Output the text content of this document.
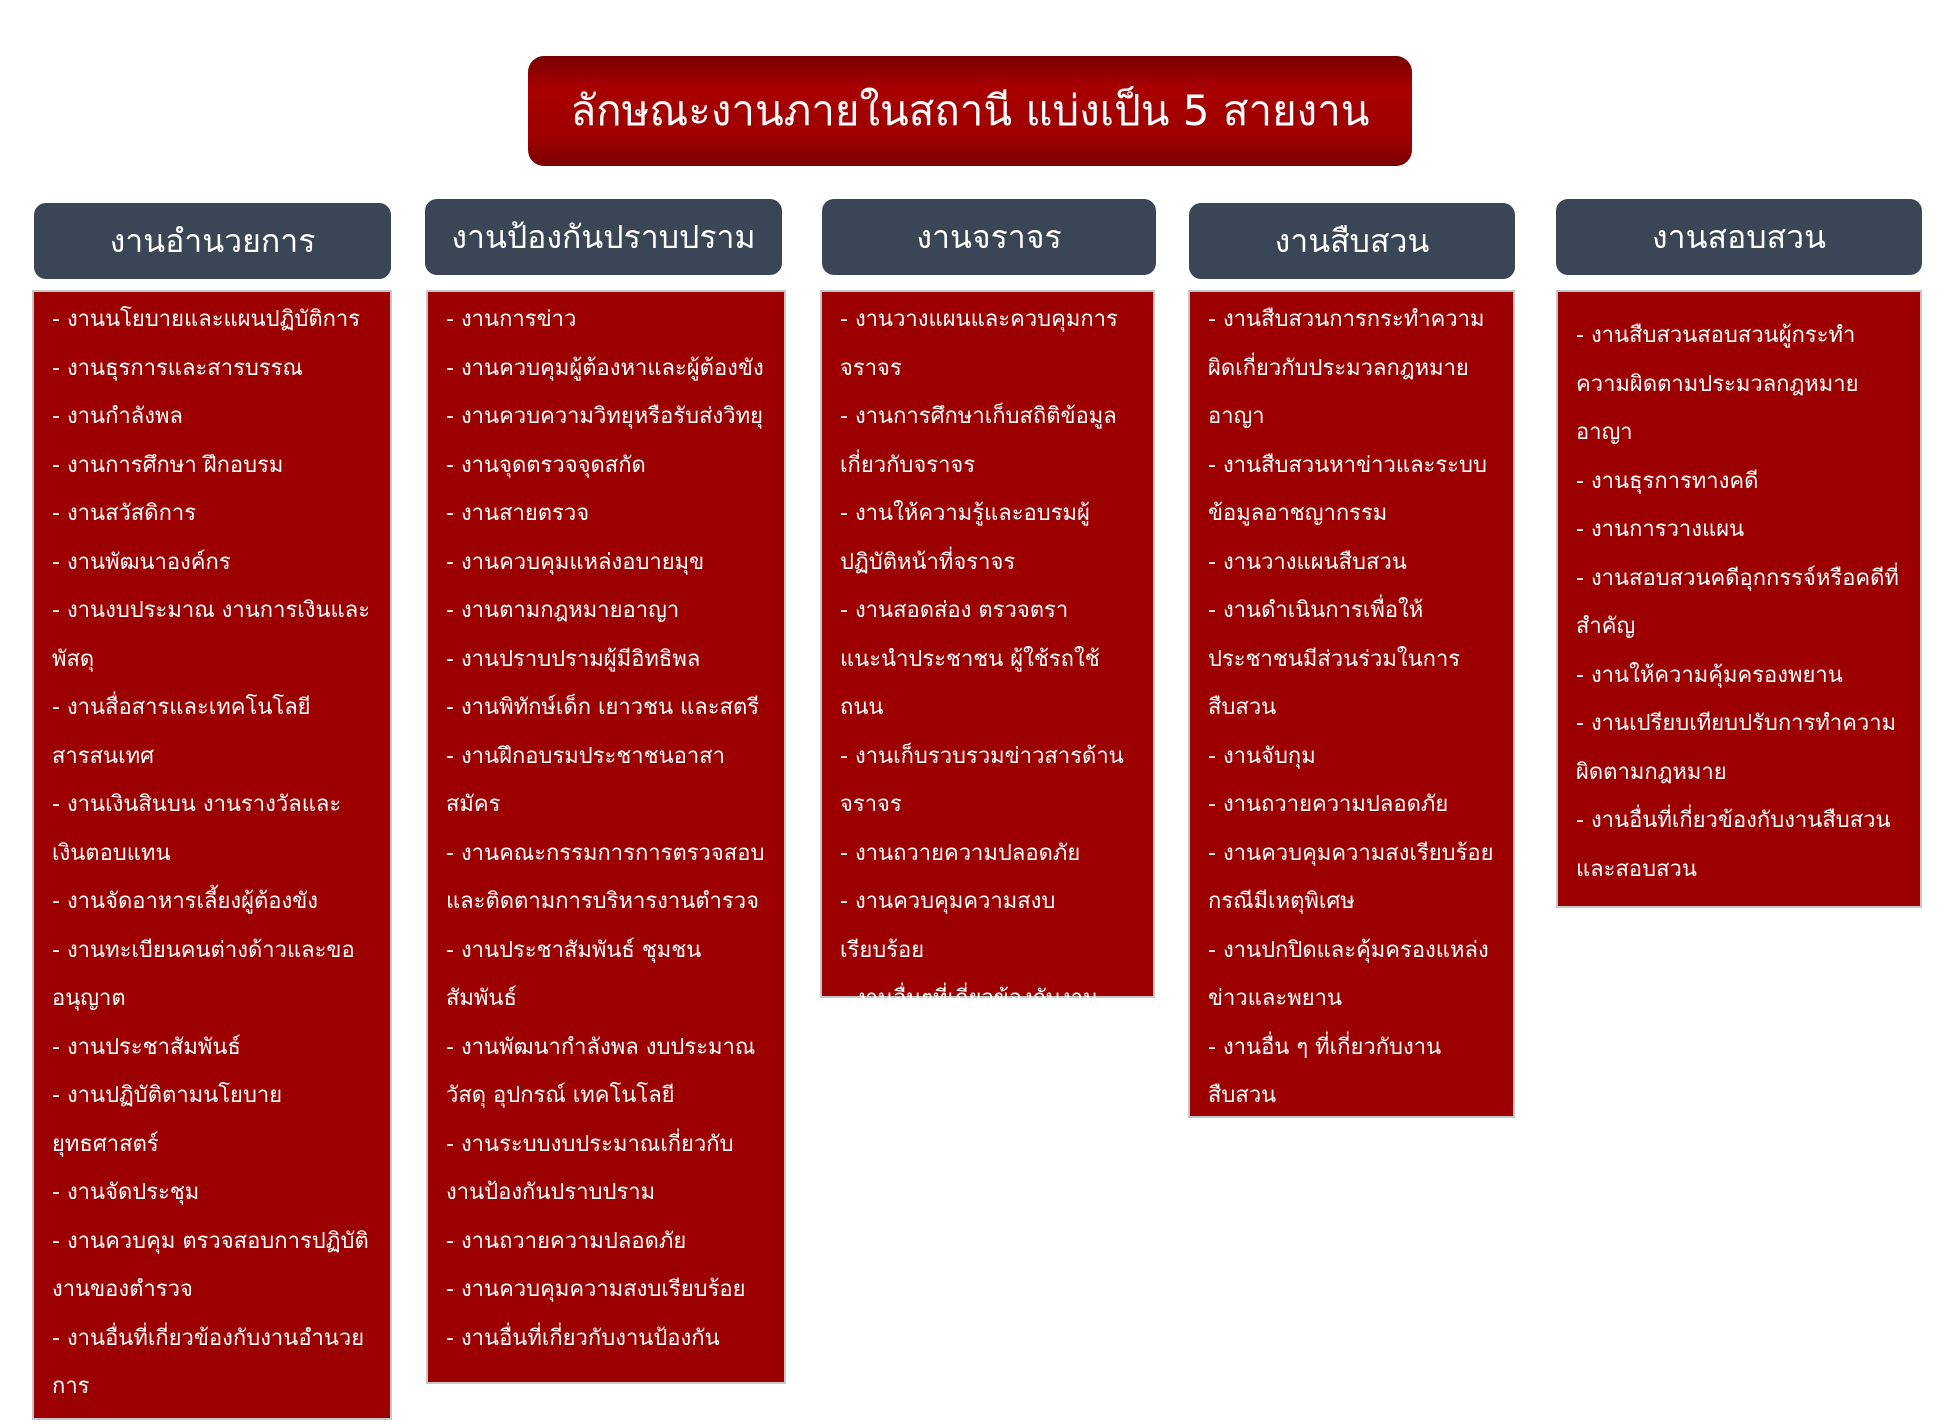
ลักษณะงานภายในสถานี แบ่งเป็น 5 สายงาน
งานอำนวยการ	งานป้องกันปราบปราม	งานจราจร	งานสืบสวน	งานสอบสวน
- งานนโยบายและแผนปฏิบัติการ
- งานธุรการและสารบรรณ
- งานกำลังพล
- งานการศึกษา ฝึกอบรม
- งานสวัสดิการ
- งานพัฒนาองค์กร
- งานงบประมาณ งานการเงินและพัสดุ
- งานสื่อสารและเทคโนโลยีสารสนเทศ
- งานเงินสินบน งานรางวัลและเงินตอบแทน
- งานจัดอาหารเลี้ยงผู้ต้องขัง
- งานทะเบียนคนต่างด้าวและขออนุญาต
- งานประชาสัมพันธ์
- งานปฏิบัติตามนโยบายยุทธศาสตร์
- งานจัดประชุม
- งานควบคุม ตรวจสอบการปฏิบัติงานของตำรวจ
- งานอื่นที่เกี่ยวข้องกับงานอำนวยการ
- งานการข่าว
- งานควบคุมผู้ต้องหาและผู้ต้องขัง
- งานควบความวิทยุหรือรับส่งวิทยุ
- งานจุดตรวจจุดสกัด
- งานสายตรวจ
- งานควบคุมแหล่งอบายมุข
- งานตามกฎหมายอาญา
- งานปราบปรามผู้มีอิทธิพล
- งานพิทักษ์เด็ก เยาวชน และสตรี
- งานฝึกอบรมประชาชนอาสาสมัคร
- งานคณะกรรมการการตรวจสอบและติดตามการบริหารงานตำรวจ
- งานประชาสัมพันธ์ ชุมชนสัมพันธ์
- งานพัฒนากำลังพล งบประมาณ วัสดุ อุปกรณ์ เทคโนโลยี
- งานระบบงบประมาณเกี่ยวกับงานป้องกันปราบปราม
- งานถวายความปลอดภัย
- งานควบคุมความสงบเรียบร้อย
- งานอื่นที่เกี่ยวกับงานป้องกัน
- งานวางแผนและควบคุมการจราจร
- งานการศึกษาเก็บสถิติข้อมูลเกี่ยวกับจราจร
- งานให้ความรู้และอบรมผู้ปฏิบัติหน้าที่จราจร
- งานสอดส่อง ตรวจตรา แนะนำประชาชน ผู้ใช้รถใช้ถนน
- งานเก็บรวบรวมข่าวสารด้านจราจร
- งานถวายความปลอดภัย
- งานควบคุมความสงบเรียบร้อย
- งานอื่นๆที่เกี่ยวข้องกับงาน
- งานสืบสวนการกระทำความผิดเกี่ยวกับประมวลกฎหมายอาญา
- งานสืบสวนหาข่าวและระบบข้อมูลอาชญากรรม
- งานวางแผนสืบสวน
- งานดำเนินการเพื่อให้ประชาชนมีส่วนร่วมในการสืบสวน
- งานจับกุม
- งานถวายความปลอดภัย
- งานควบคุมความสงเรียบร้อยกรณีมีเหตุพิเศษ
- งานปกปิดและคุ้มครองแหล่งข่าวและพยาน
- งานอื่น ๆ ที่เกี่ยวกับงานสืบสวน
- งานสืบสวนสอบสวนผู้กระทำความผิดตามประมวลกฎหมายอาญา
- งานธุรการทางคดี
- งานการวางแผน
- งานสอบสวนคดีอุกกรรจ์หรือคดีที่สำคัญ
- งานให้ความคุ้มครองพยาน
- งานเปรียบเทียบปรับการทำความผิดตามกฎหมาย
- งานอื่นที่เกี่ยวข้องกับงานสืบสวนและสอบสวน
